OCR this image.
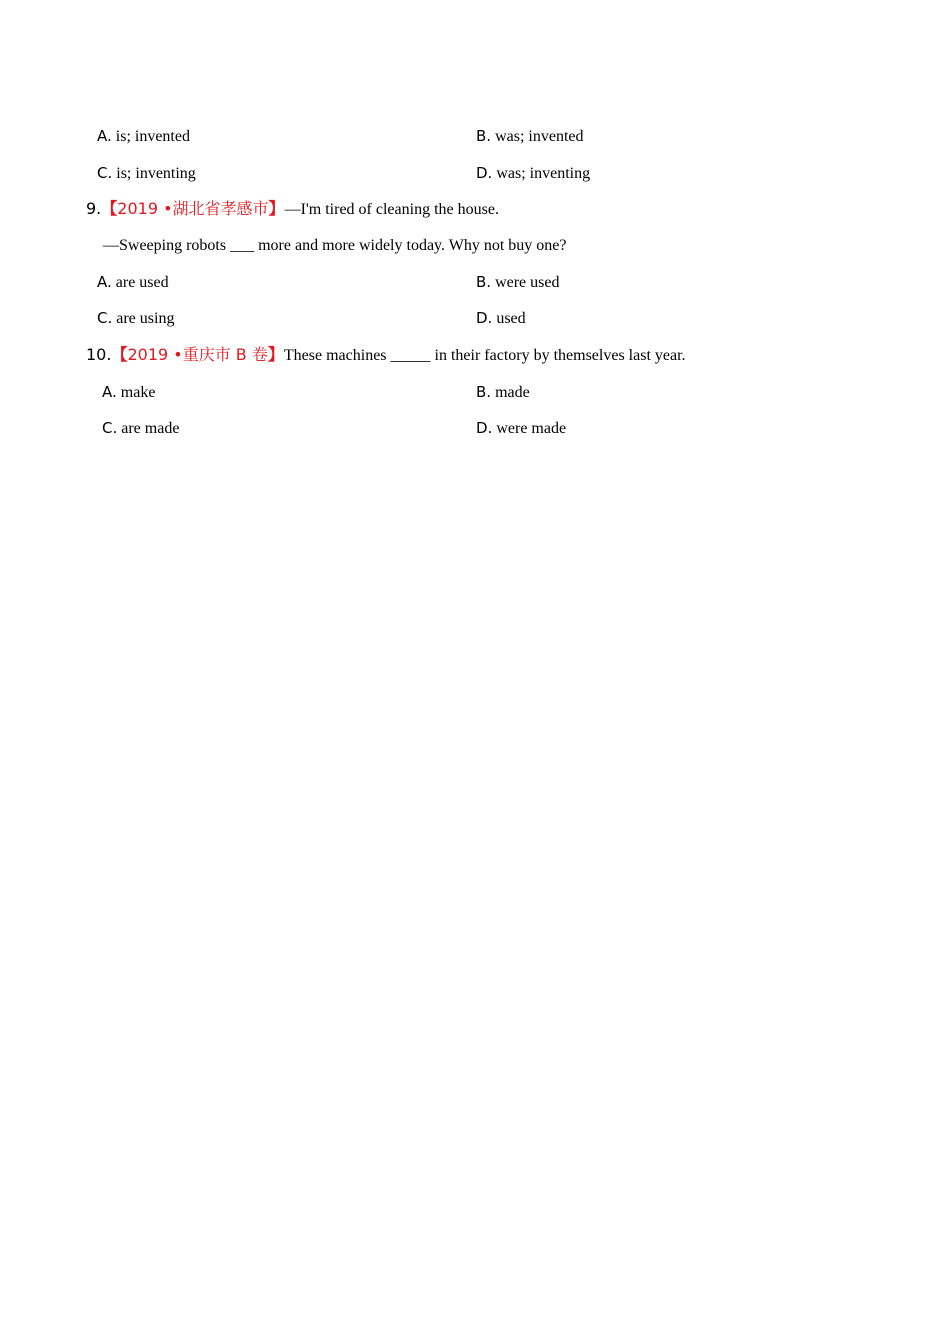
A. is; invented	B. was; invented
C. is; inventing	D. was; inventing
9.【2019 •湖北省孝感市】—I'm tired of cleaning the house.
—Sweeping robots ___ more and more widely today. Why not buy one?
A. are used	B. were used
C. are using	D. used
10.【2019 •重庆市 B 卷】These machines _____ in their factory by themselves last year.
A. make	B. made
C. are made	D. were made
